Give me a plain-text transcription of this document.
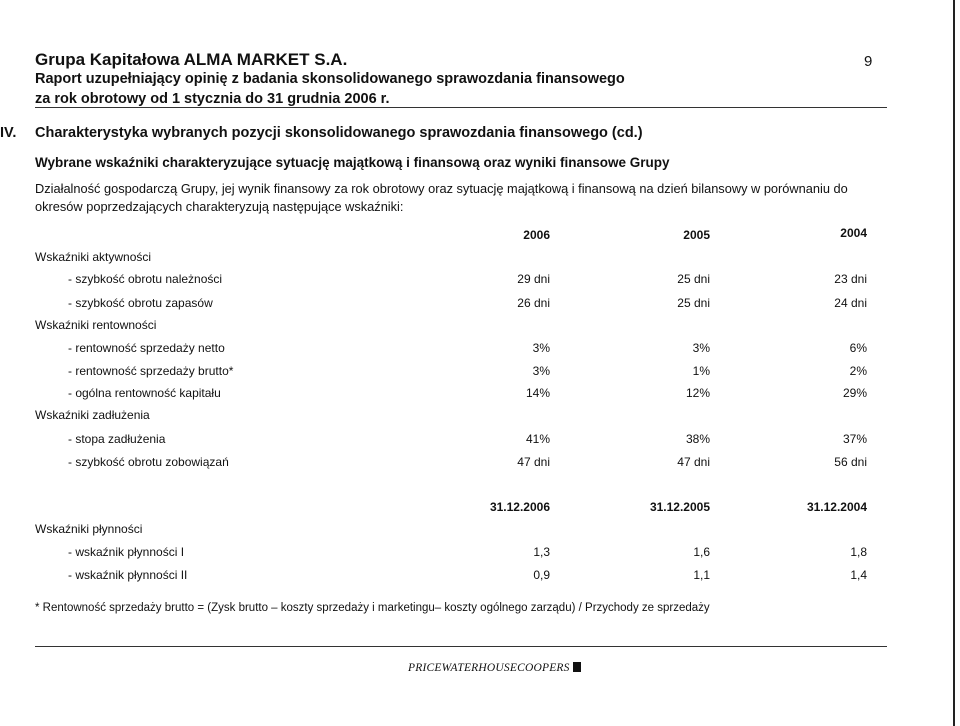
Grupa Kapitałowa ALMA MARKET S.A.
Raport uzupełniający opinię z badania skonsolidowanego sprawozdania finansowego
za rok obrotowy od 1 stycznia do 31 grudnia 2006 r.
9
IV. Charakterystyka wybranych pozycji skonsolidowanego sprawozdania finansowego (cd.)
Wybrane wskaźniki charakteryzujące sytuację majątkową i finansową oraz wyniki finansowe Grupy
Działalność gospodarczą Grupy, jej wynik finansowy za rok obrotowy oraz sytuację majątkową i finansową na dzień bilansowy w porównaniu do okresów poprzedzających charakteryzują następujące wskaźniki:
2006	2005	2004
Wskaźniki aktywności
- szybkość obrotu należności	29 dni	25 dni	23 dni
- szybkość obrotu zapasów	26 dni	25 dni	24 dni
Wskaźniki rentowności
- rentowność sprzedaży netto	3%	3%	6%
- rentowność sprzedaży brutto*	3%	1%	2%
- ogólna rentowność kapitału	14%	12%	29%
Wskaźniki zadłużenia
- stopa zadłużenia	41%	38%	37%
- szybkość obrotu zobowiązań	47 dni	47 dni	56 dni
31.12.2006	31.12.2005	31.12.2004
Wskaźniki płynności
- wskaźnik płynności I	1,3	1,6	1,8
- wskaźnik płynności II	0,9	1,1	1,4
* Rentowność sprzedaży brutto = (Zysk brutto – koszty sprzedaży i marketingu– koszty ogólnego zarządu) / Przychody ze sprzedaży
PRICEWATERHOUSECOOPERS
